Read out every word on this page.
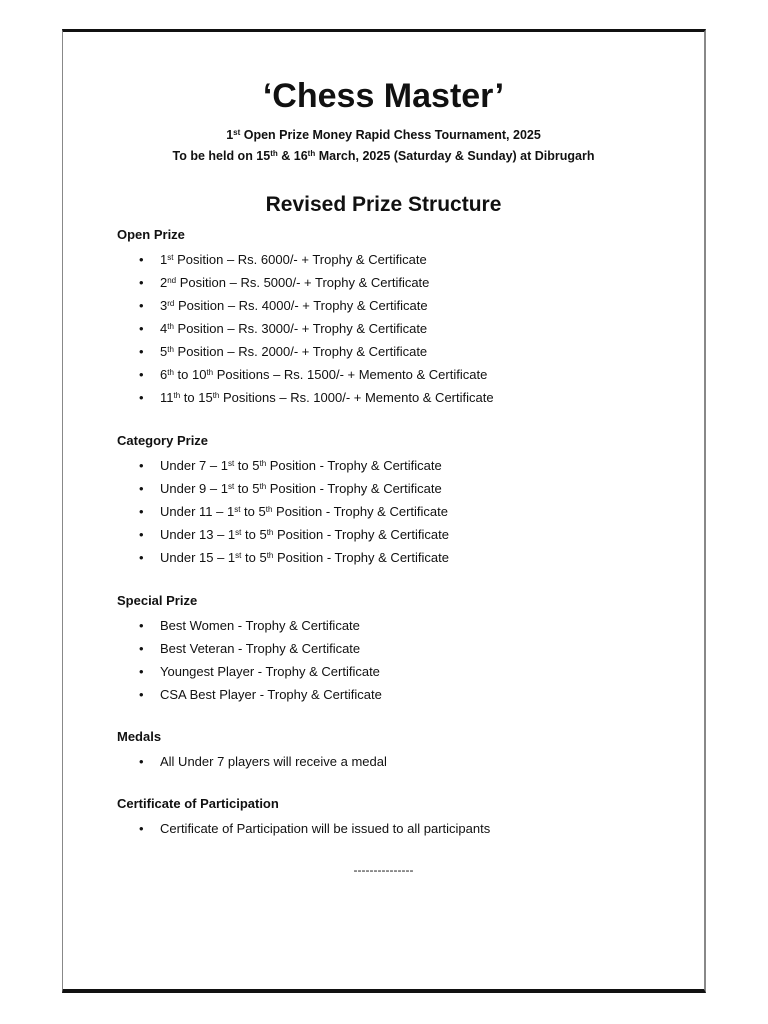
‘Chess Master’
1st Open Prize Money Rapid Chess Tournament, 2025
To be held on 15th & 16th March, 2025 (Saturday & Sunday) at Dibrugarh
Revised Prize Structure
Open Prize
• 1st Position – Rs. 6000/- + Trophy & Certificate
• 2nd Position – Rs. 5000/- + Trophy & Certificate
• 3rd Position – Rs. 4000/- + Trophy & Certificate
• 4th Position – Rs. 3000/- + Trophy & Certificate
• 5th Position – Rs. 2000/- + Trophy & Certificate
• 6th to 10th Positions – Rs. 1500/- + Memento & Certificate
• 11th to 15th Positions – Rs. 1000/- + Memento & Certificate
Category Prize
• Under 7 – 1st to 5th Position - Trophy & Certificate
• Under 9 – 1st to 5th Position - Trophy & Certificate
• Under 11 – 1st to 5th Position - Trophy & Certificate
• Under 13 – 1st to 5th Position - Trophy & Certificate
• Under 15 – 1st to 5th Position - Trophy & Certificate
Special Prize
• Best Women - Trophy & Certificate
• Best Veteran - Trophy & Certificate
• Youngest Player - Trophy & Certificate
• CSA Best Player - Trophy & Certificate
Medals
• All Under 7 players will receive a medal
Certificate of Participation
• Certificate of Participation will be issued to all participants
---------------
